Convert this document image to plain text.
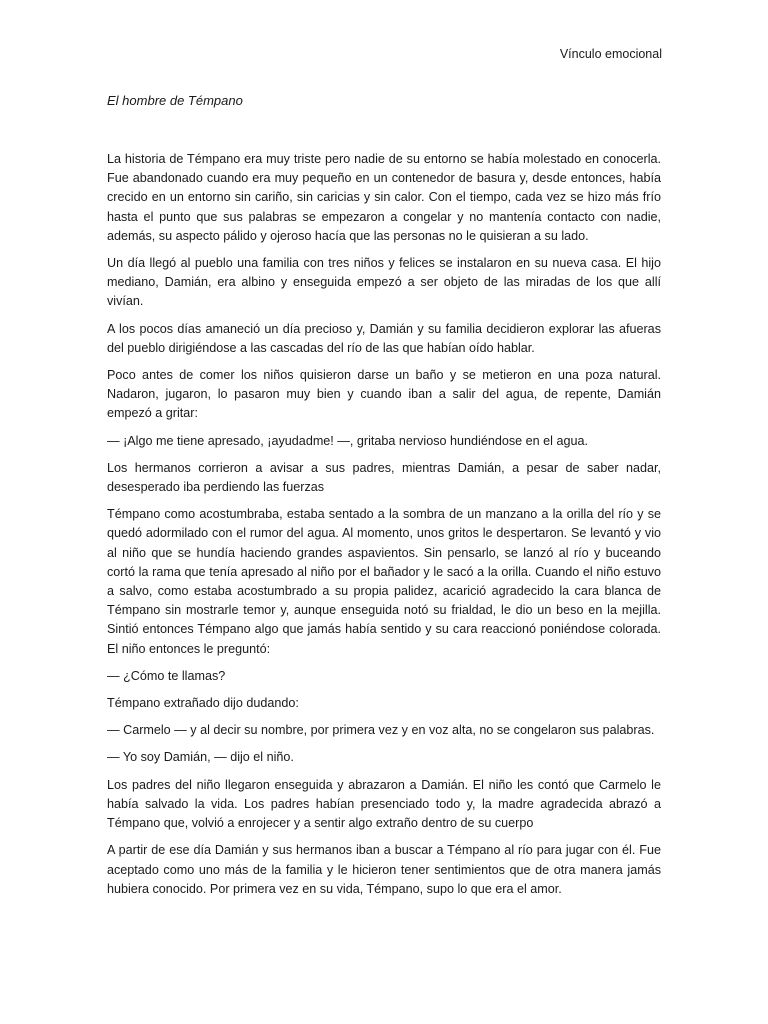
Vínculo emocional
El hombre de Témpano

La historia de Témpano era muy triste pero nadie de su entorno se había molestado en conocerla. Fue abandonado cuando era muy pequeño en un contenedor de basura y, desde entonces, había crecido en un entorno sin cariño, sin caricias y sin calor. Con el tiempo, cada vez se hizo más frío hasta el punto que sus palabras se empezaron a congelar y no mantenía contacto con nadie, además, su aspecto pálido y ojeroso hacía que las personas no le quisieran a su lado.

Un día llegó al pueblo una familia con tres niños y felices se instalaron en su nueva casa. El hijo mediano, Damián, era albino y enseguida empezó a ser objeto de las miradas de los que allí vivían.

A los pocos días amaneció un día precioso y, Damián y su familia decidieron explorar las afueras del pueblo dirigiéndose a las cascadas del río de las que habían oído hablar.

Poco antes de comer los niños quisieron darse un baño y se metieron en una poza natural. Nadaron, jugaron, lo pasaron muy bien y cuando iban a salir del agua, de repente, Damián empezó a gritar:

— ¡Algo me tiene apresado, ¡ayudadme! —, gritaba nervioso hundiéndose en el agua.

Los hermanos corrieron a avisar a sus padres, mientras Damián, a pesar de saber nadar, desesperado iba perdiendo las fuerzas

Témpano como acostumbraba, estaba sentado a la sombra de un manzano a la orilla del río y se quedó adormilado con el rumor del agua. Al momento, unos gritos le despertaron. Se levantó y vio al niño que se hundía haciendo grandes aspavientos. Sin pensarlo, se lanzó al río y buceando cortó la rama que tenía apresado al niño por el bañador y le sacó a la orilla. Cuando el niño estuvo a salvo, como estaba acostumbrado a su propia palidez, acarició agradecido la cara blanca de Témpano sin mostrarle temor y, aunque enseguida notó su frialdad, le dio un beso en la mejilla. Sintió entonces Témpano algo que jamás había sentido y su cara reaccionó poniéndose colorada. El niño entonces le preguntó:

— ¿Cómo te llamas?

Témpano extrañado dijo dudando:

— Carmelo — y al decir su nombre, por primera vez y en voz alta, no se congelaron sus palabras.

— Yo soy Damián, — dijo el niño.

Los padres del niño llegaron enseguida y abrazaron a Damián. El niño les contó que Carmelo le había salvado la vida. Los padres habían presenciado todo y, la madre agradecida abrazó a Témpano que, volvió a enrojecer y a sentir algo extraño dentro de su cuerpo

A partir de ese día Damián y sus hermanos iban a buscar a Témpano al río para jugar con él. Fue aceptado como uno más de la familia y le hicieron tener sentimientos que de otra manera jamás hubiera conocido. Por primera vez en su vida, Témpano, supo lo que era el amor.
